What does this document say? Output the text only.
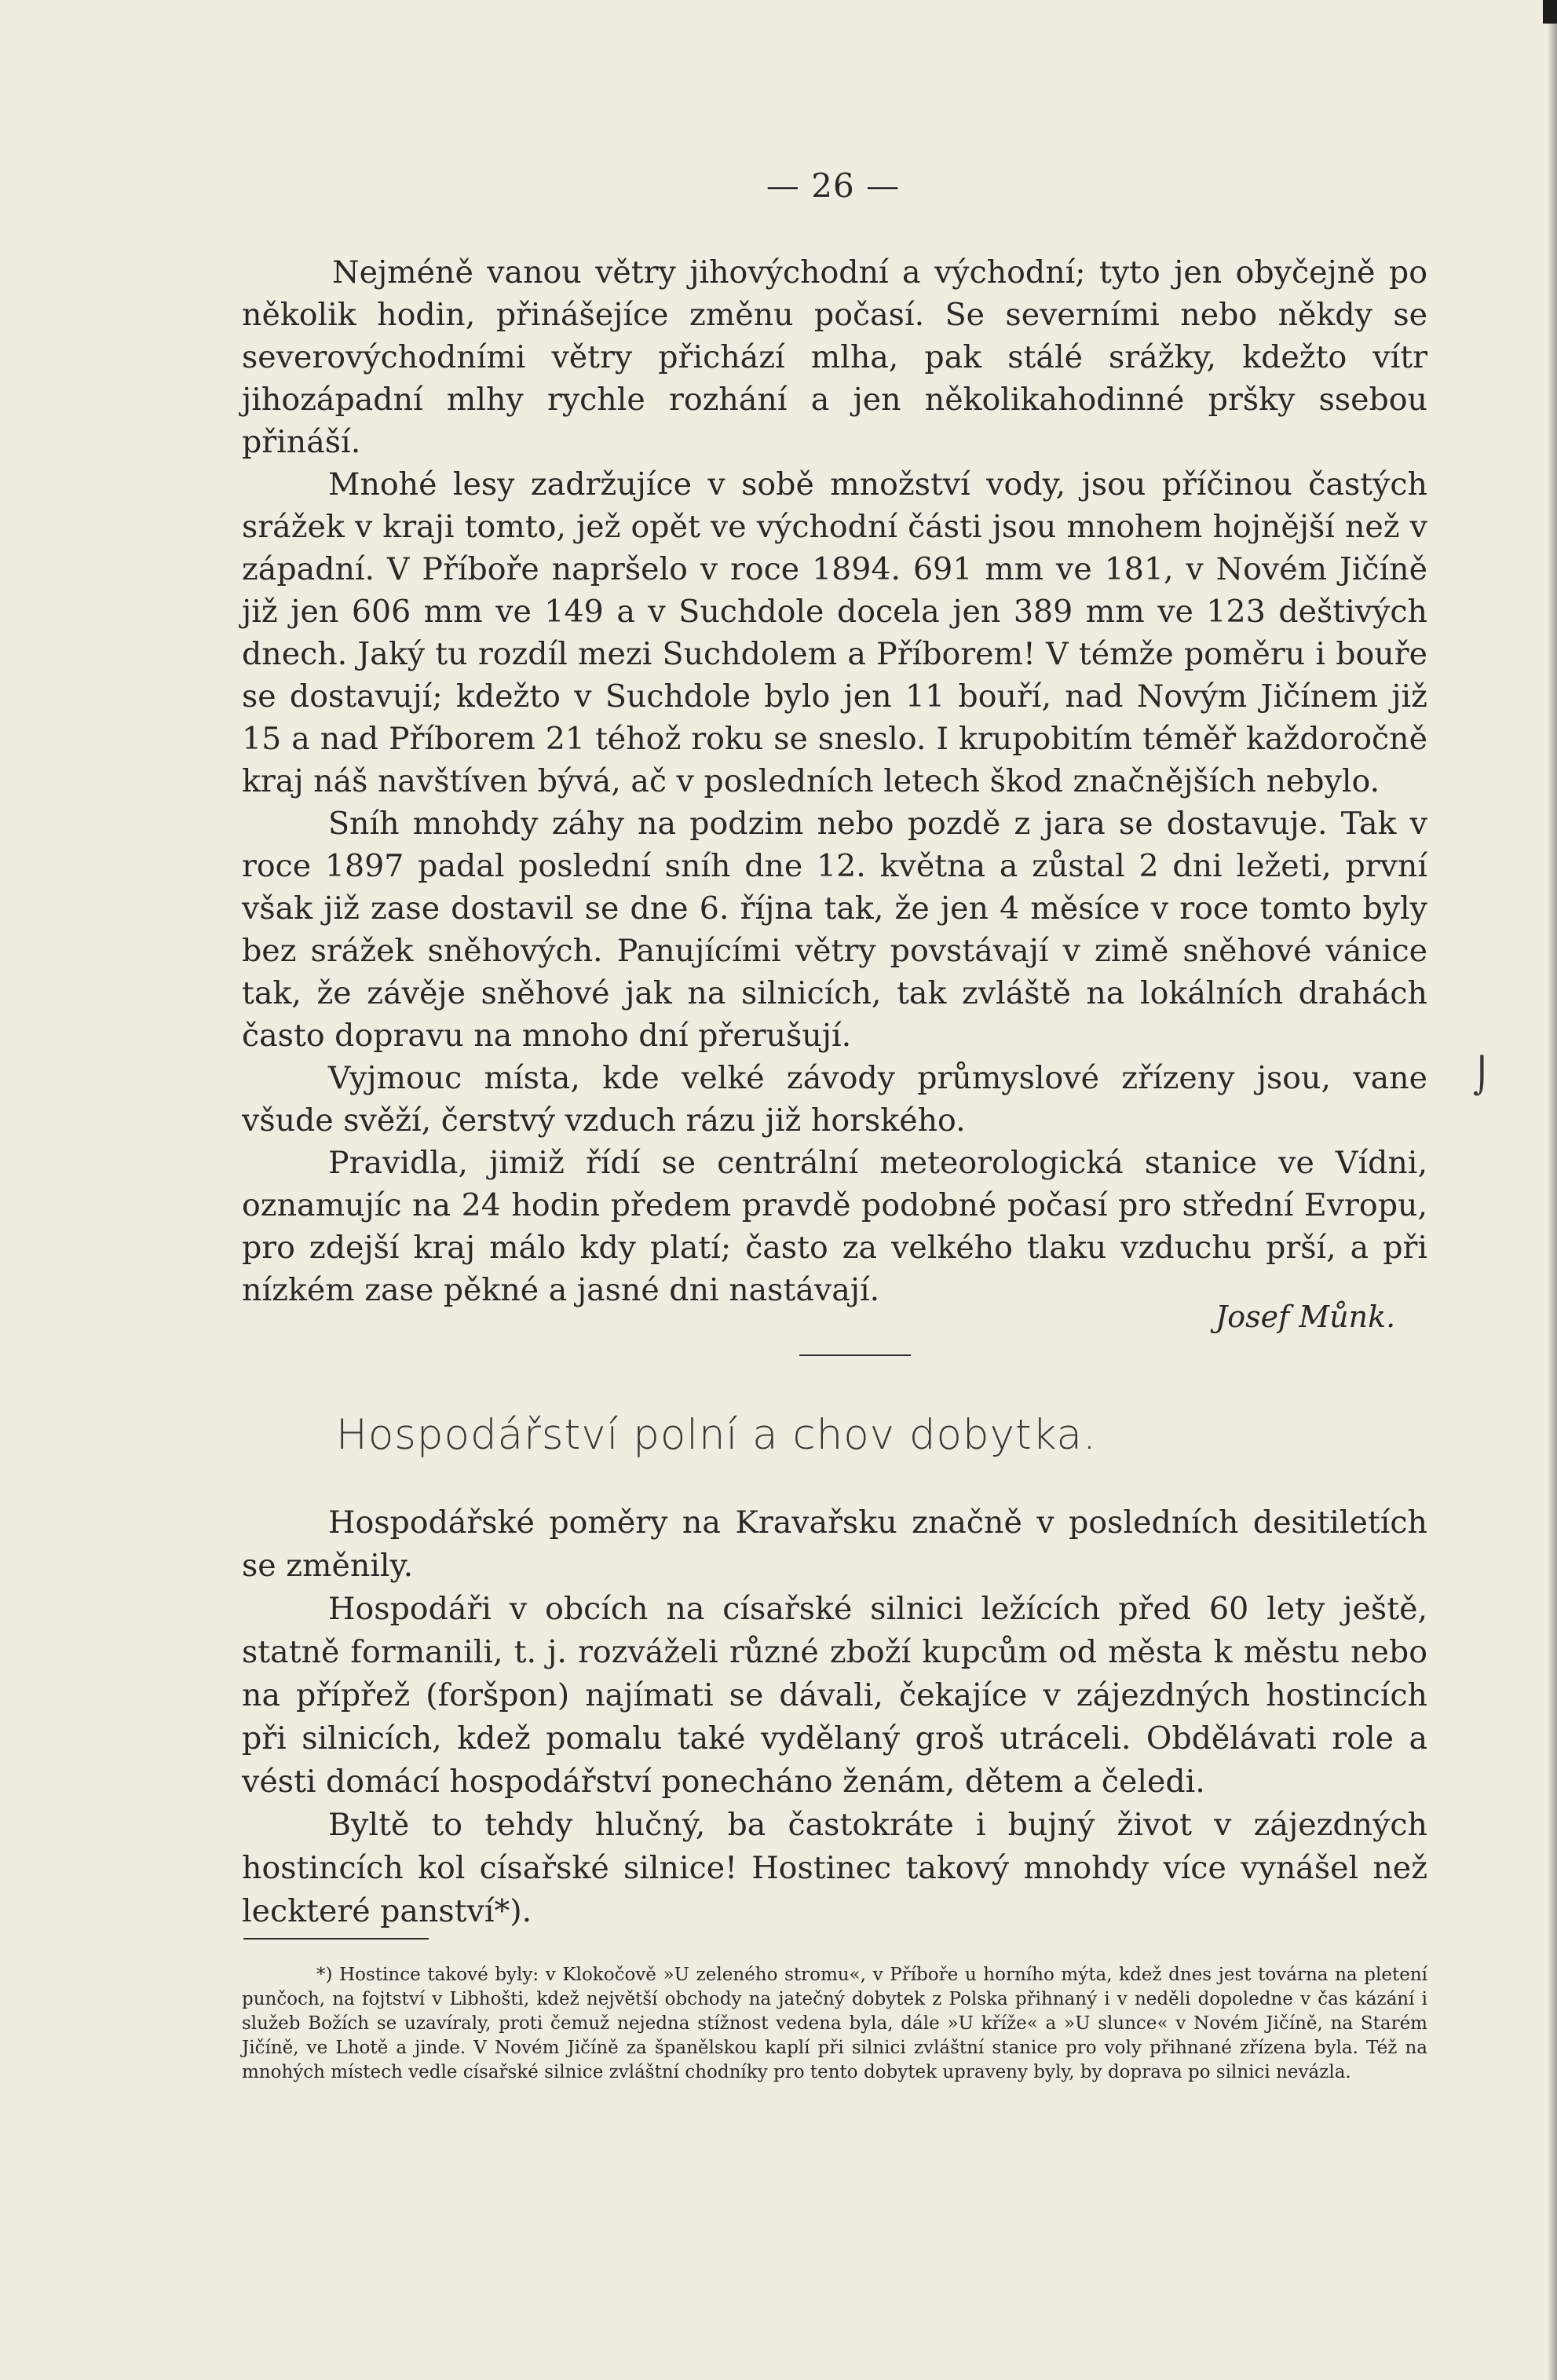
— 26 —

Nejméně vanou větry jihovýchodní a východní; tyto jen obyčejně po několik hodin, přinášejíce změnu počasí. Se severními nebo někdy se severovýchodními větry přichází mlha, pak stálé srážky, kdežto vítr jihozápadní mlhy rychle rozhání a jen několikahodinné pršky ssebou přináší.

Mnohé lesy zadržujíce v sobě množství vody, jsou příčinou častých srážek v kraji tomto, jež opět ve východní části jsou mnohem hojnější než v západní. V Příboře napršelo v roce 1894. 691 mm ve 181, v Novém Jičíně již jen 606 mm ve 149 a v Suchdole docela jen 389 mm ve 123 deštivých dnech. Jaký tu rozdíl mezi Suchdolem a Příborem! V témže poměru i bouře se dostavují; kdežto v Suchdole bylo jen 11 bouří, nad Novým Jičínem již 15 a nad Příborem 21 téhož roku se sneslo. I krupobitím téměř každoročně kraj náš navštíven bývá, ač v posledních letech škod značnějších nebylo.

Sníh mnohdy záhy na podzim nebo pozdě z jara se dostavuje. Tak v roce 1897 padal poslední sníh dne 12. května a zůstal 2 dni ležeti, první však již zase dostavil se dne 6. října tak, že jen 4 měsíce v roce tomto byly bez srážek sněhových. Panujícími větry povstávají v zimě sněhové vánice tak, že závěje sněhové jak na silnicích, tak zvláště na lokálních drahách často dopravu na mnoho dní přerušují.

Vyjmouc místa, kde velké závody průmyslové zřízeny jsou, vane všude svěží, čerstvý vzduch rázu již horského.

Pravidla, jimiž řídí se centrální meteorologická stanice ve Vídni, oznamujíc na 24 hodin předem pravdě podobné počasí pro střední Evropu, pro zdejší kraj málo kdy platí; často za velkého tlaku vzduchu prší, a při nízkém zase pěkné a jasné dni nastávají.

Josef Můnk.
Hospodářství polní a chov dobytka.

Hospodářské poměry na Kravařsku značně v posledních desitiletích se změnily.

Hospodáři v obcích na císařské silnici ležících před 60 lety ještě, statně formanili, t. j. rozváželi různé zboží kupcům od města k městu nebo na přípřež (foršpon) najímati se dávali, čekajíce v zájezdných hostincích při silnicích, kdež pomalu také vydělaný groš utráceli. Obdělávati role a vésti domácí hospodářství ponecháno ženám, dětem a čeledi.

Byltě to tehdy hlučný, ba častokráte i bujný život v zájezdných hostincích kol císařské silnice! Hostinec takový mnohdy více vynášel než leckteré panství*).

*) Hostince takové byly: v Klokočově »U zeleného stromu«, v Příboře u horního mýta, kdež dnes jest továrna na pletení punčoch, na fojtství v Libhošti, kdež největší obchody na jatečný dobytek z Polska přihnaný i v neděli dopoledne v čas kázání i služeb Božích se uzavíraly, proti čemuž nejedna stížnost vedena byla, dále »U kříže« a »U slunce« v Novém Jičíně, na Starém Jičíně, ve Lhotě a jinde. V Novém Jičíně za španělskou kaplí při silnici zvláštní stanice pro voly přihnané zřízena byla. Též na mnohých místech vedle císařské silnice zvláštní chodníky pro tento dobytek upraveny byly, by doprava po silnici nevázla.

⌡
